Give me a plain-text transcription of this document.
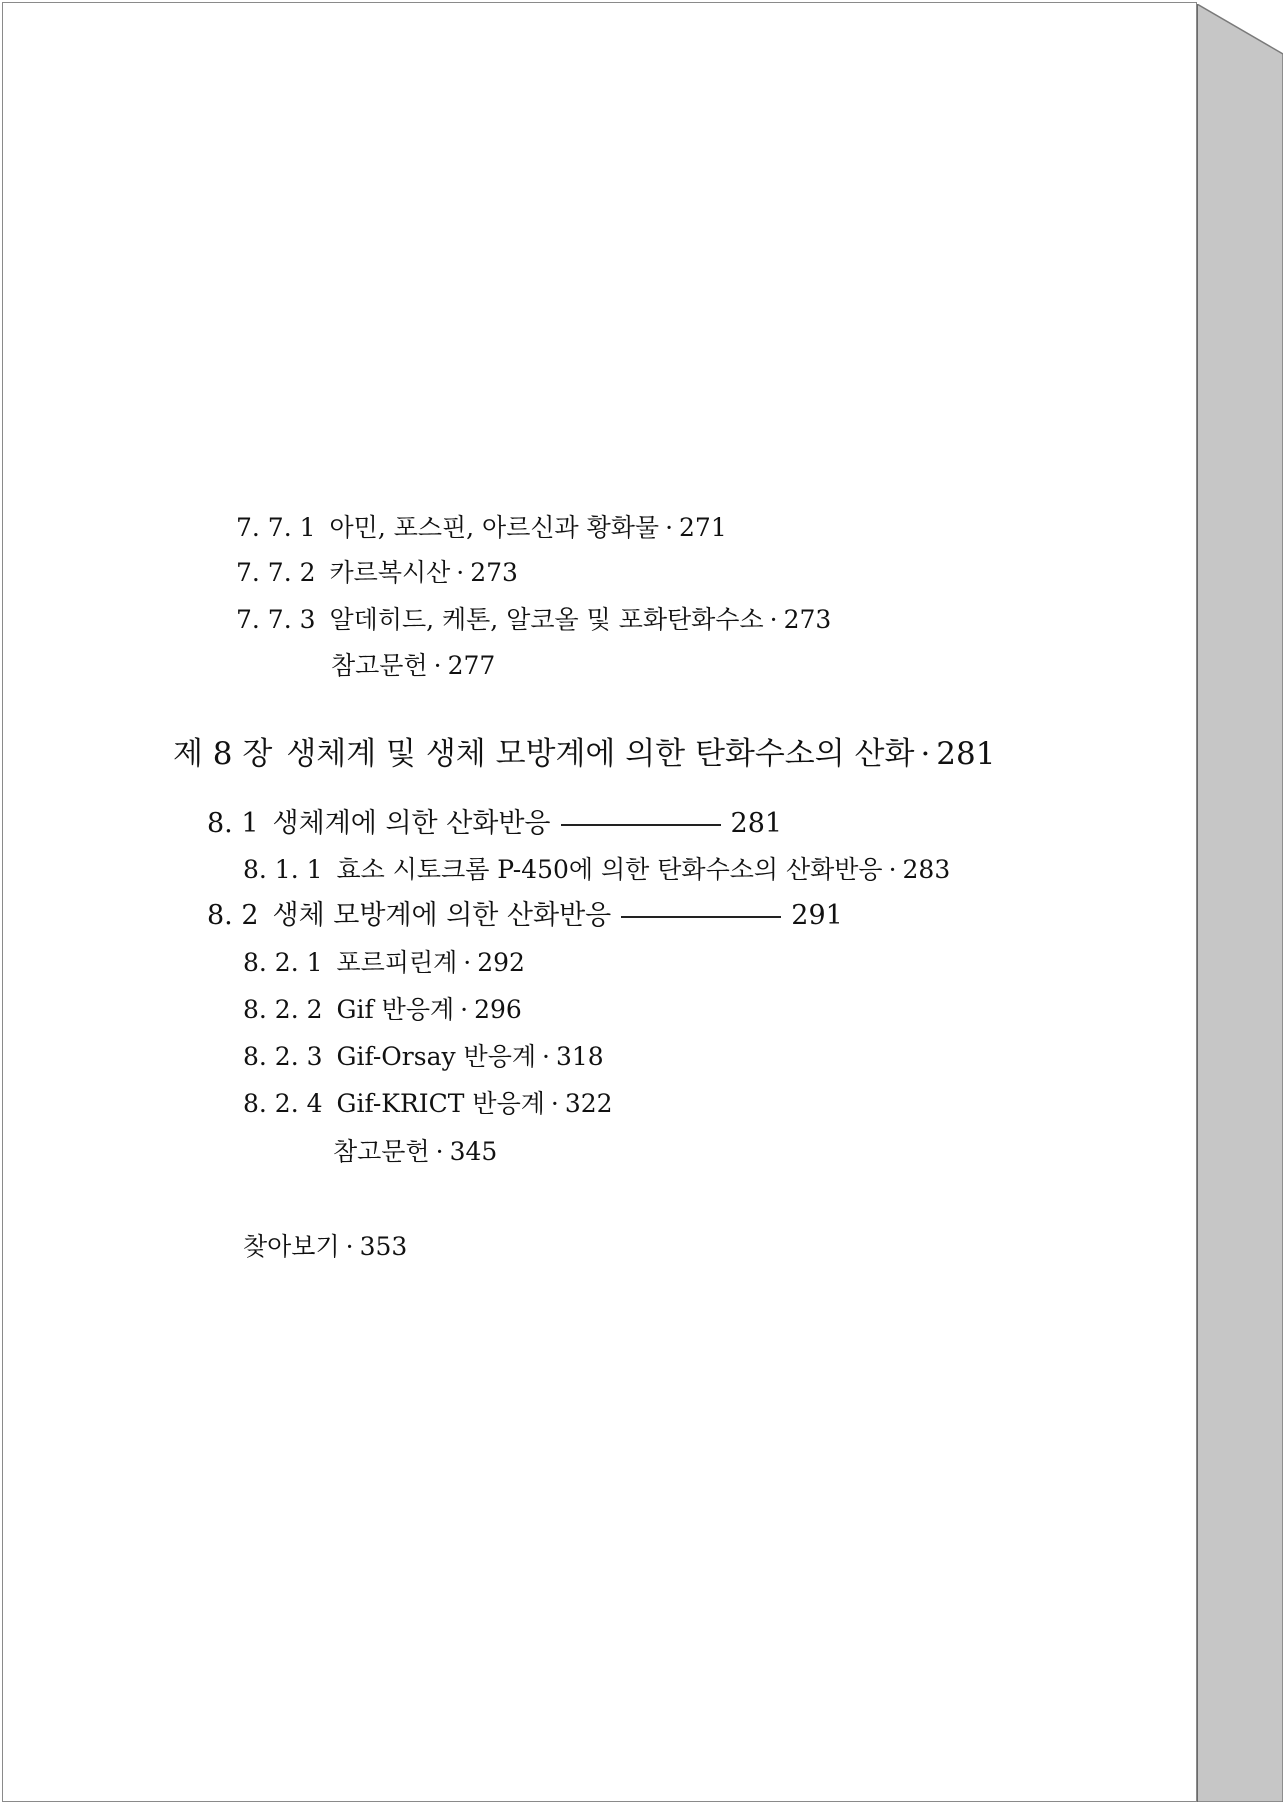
7. 7. 1 아민, 포스핀, 아르신과 황화물 · 271
7. 7. 2 카르복시산 · 273
7. 7. 3 알데히드, 케톤, 알코올 및 포화탄화수소 · 273
참고문헌 · 277
제 8 장 생체계 및 생체 모방계에 의한 탄화수소의 산화 · 281
8. 1 생체계에 의한 산화반응	281
8. 1. 1 효소 시토크롬 P-450에 의한 탄화수소의 산화반응 · 283
8. 2 생체 모방계에 의한 산화반응	291
8. 2. 1 포르피린계 · 292
8. 2. 2 Gif 반응계 · 296
8. 2. 3 Gif-Orsay 반응계 · 318
8. 2. 4 Gif-KRICT 반응계 · 322
참고문헌 · 345
찾아보기 · 353
